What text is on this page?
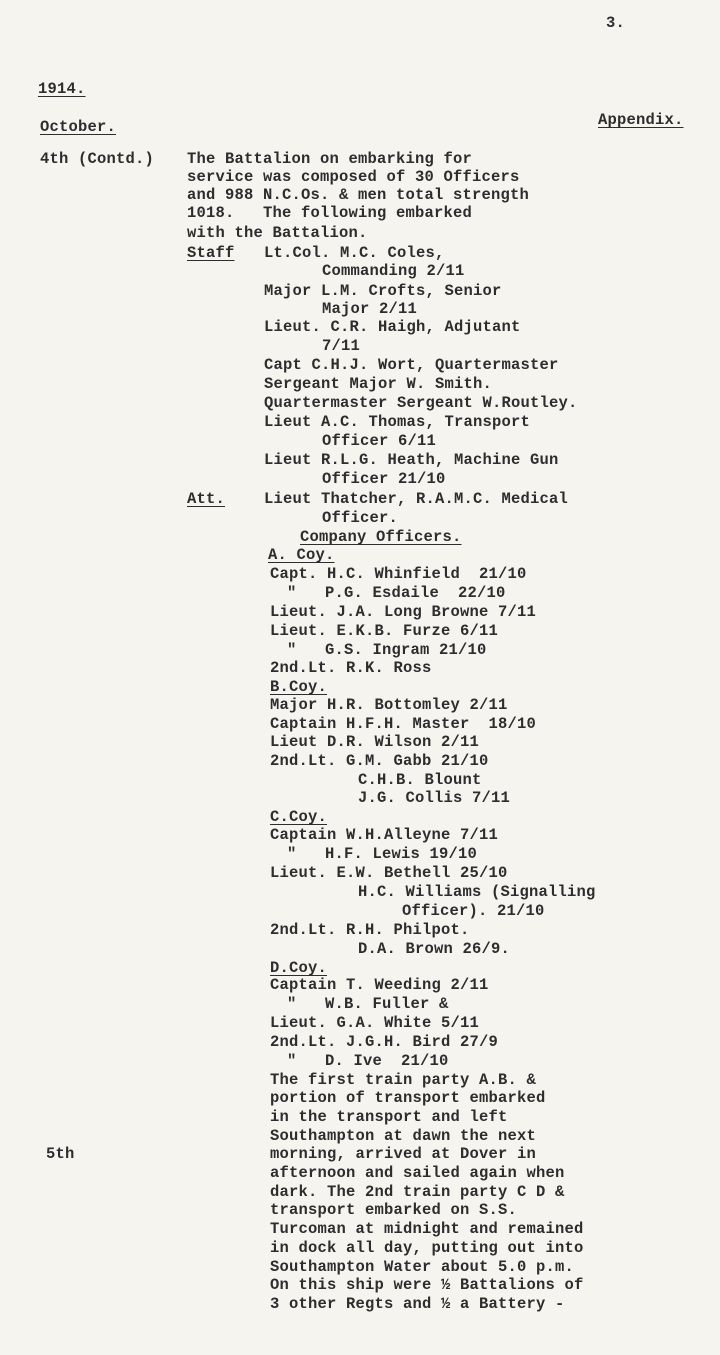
3.
1914.
October.	Appendix.
4th (Contd.) The Battalion on embarking for
service was composed of 30 Officers
and 988 N.C.Os. & men total strength
1018.   The following embarked
with the Battalion.
Staff Lt.Col. M.C. Coles,
Commanding 2/11
Major L.M. Crofts, Senior
Major 2/11
Lieut. C.R. Haigh, Adjutant
7/11
Capt C.H.J. Wort, Quartermaster
Sergeant Major W. Smith.
Quartermaster Sergeant W.Routley.
Lieut A.C. Thomas, Transport
Officer 6/11
Lieut R.L.G. Heath, Machine Gun
Officer 21/10
Att.	Lieut Thatcher, R.A.M.C. Medical
Officer.
Company Officers.
A. Coy.
Capt. H.C. Whinfield  21/10
"   P.G. Esdaile  22/10
Lieut. J.A. Long Browne 7/11
Lieut. E.K.B. Furze 6/11
"   G.S. Ingram 21/10
2nd.Lt. R.K. Ross
B.Coy.
Major H.R. Bottomley 2/11
Captain H.F.H. Master  18/10
Lieut D.R. Wilson 2/11
2nd.Lt. G.M. Gabb 21/10
C.H.B. Blount
J.G. Collis 7/11
C.Coy.
Captain W.H.Alleyne 7/11
"   H.F. Lewis 19/10
Lieut. E.W. Bethell 25/10
H.C. Williams (Signalling
Officer). 21/10
2nd.Lt. R.H. Philpot.
D.A. Brown 26/9.
D.Coy.
Captain T. Weeding 2/11
"   W.B. Fuller &
Lieut. G.A. White 5/11
2nd.Lt. J.G.H. Bird 27/9
"   D. Ive  21/10
The first train party A.B. &
portion of transport embarked
in the transport and left
Southampton at dawn the next
5th	morning, arrived at Dover in
afternoon and sailed again when
dark. The 2nd train party C D &
transport embarked on S.S.
Turcoman at midnight and remained
in dock all day, putting out into
Southampton Water about 5.0 p.m.
On this ship were ½ Battalions of
3 other Regts and ½ a Battery -
